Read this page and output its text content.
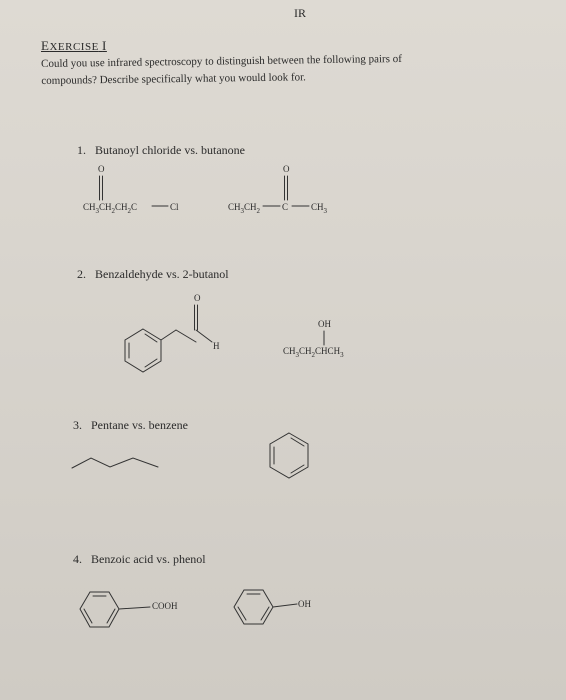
IR
EXERCISE I
Could you use infrared spectroscopy to distinguish between the following pairs of
compounds? Describe specifically what you would look for.
1. Butanoyl chloride vs. butanone
O
$CH_3CH_2CH_2C$	Cl
O
$CH_3CH_2$ C	$CH_3$
2. Benzaldehyde vs. 2-butanol
O
H
OH
$CH_3CH_2CHCH_3$
3. Pentane vs. benzene
4. Benzoic acid vs. phenol
COOH	OH
